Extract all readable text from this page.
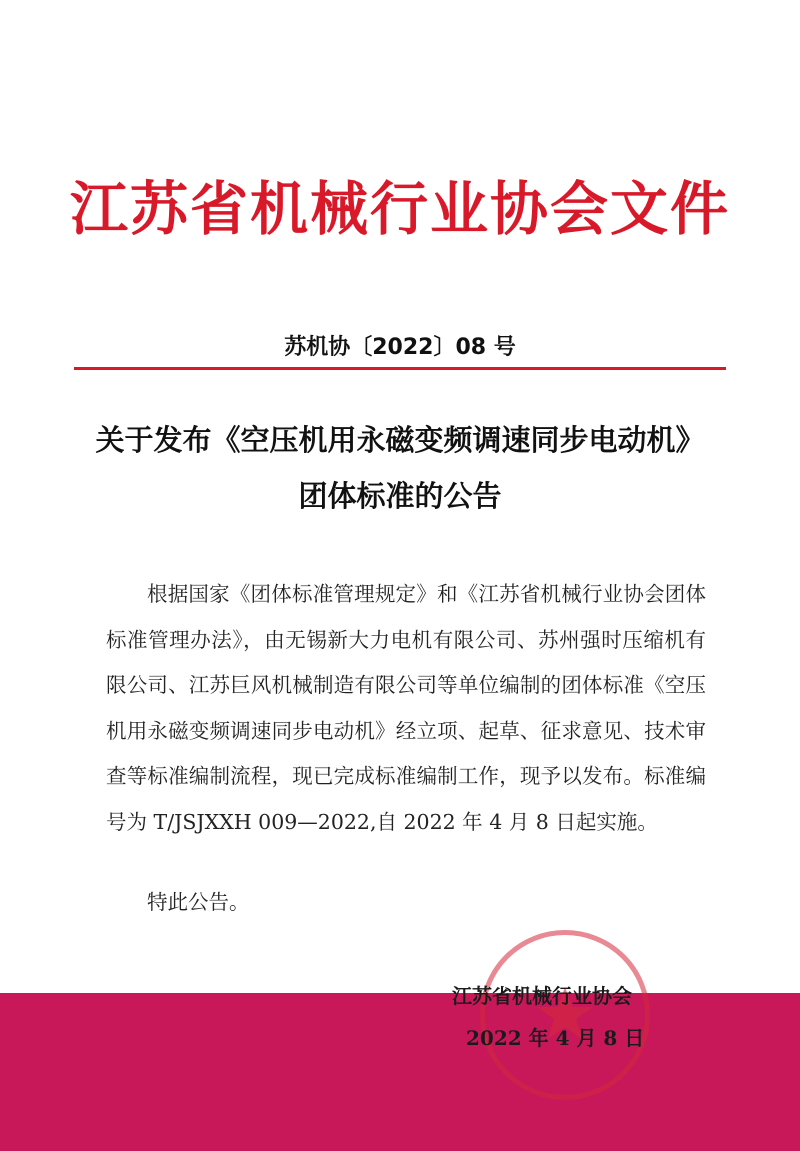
江苏省机械行业协会文件
苏机协〔2022〕08 号
关于发布《空压机用永磁变频调速同步电动机》
团体标准的公告

根据国家《团体标准管理规定》和《江苏省机械行业协会团体标准管理办法》，由无锡新大力电机有限公司、苏州强时压缩机有限公司、江苏巨风机械制造有限公司等单位编制的团体标准《空压机用永磁变频调速同步电动机》经立项、起草、征求意见、技术审查等标准编制流程，现已完成标准编制工作，现予以发布。标准编号为 T/JSJXXH 009—2022,自 2022 年 4 月 8 日起实施。

特此公告。
江苏省机械行业协会
2022 年 4 月 8 日
